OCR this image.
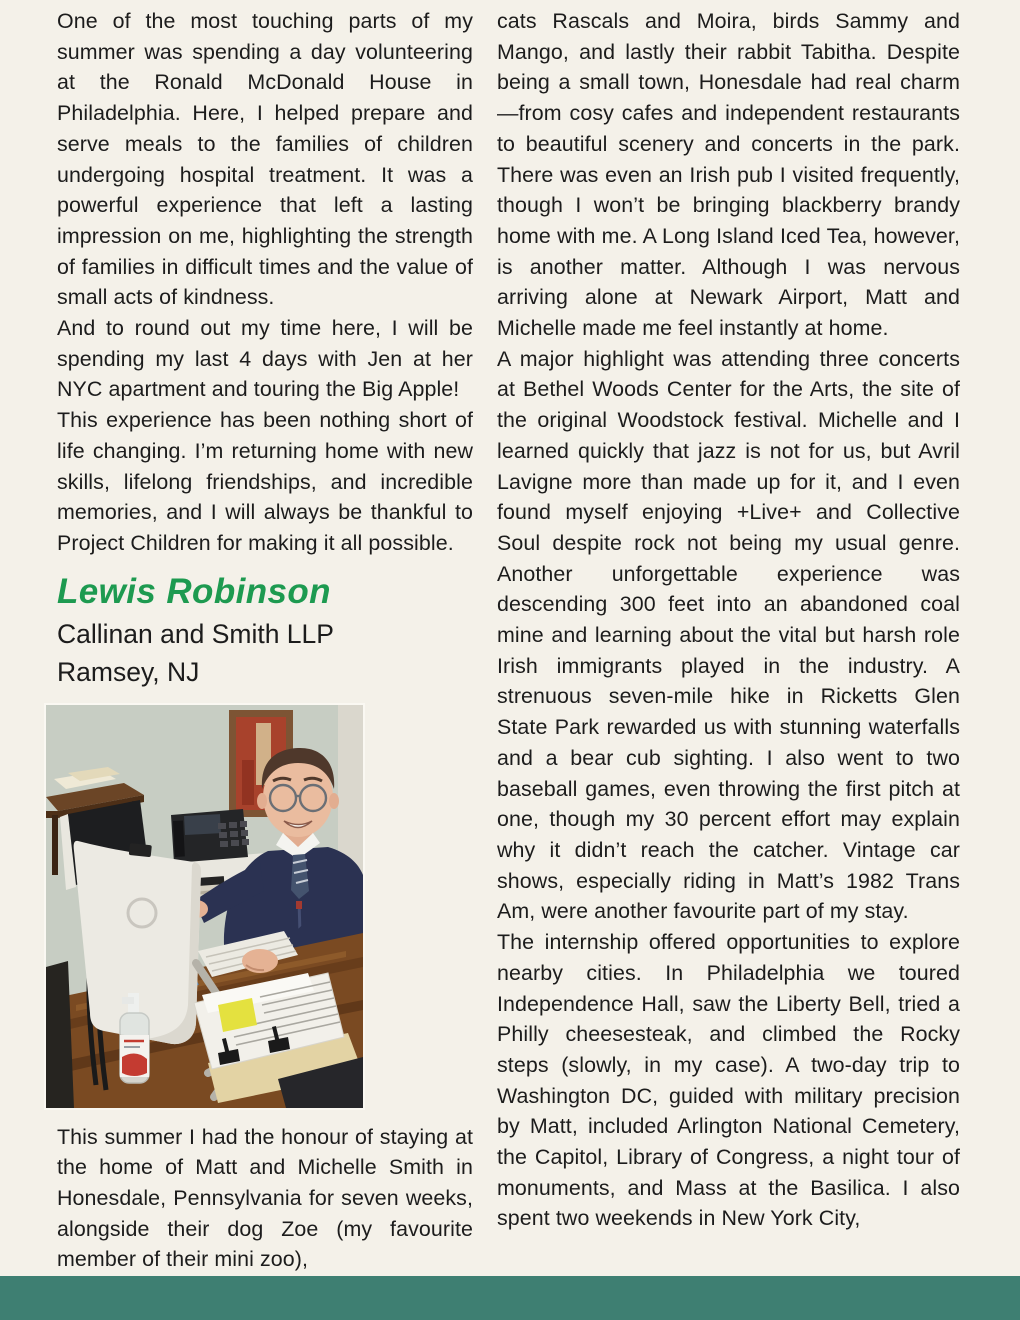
One of the most touching parts of my summer was spending a day volunteering at the Ronald McDonald House in Philadelphia. Here, I helped prepare and serve meals to the families of children undergoing hospital treatment. It was a powerful experience that left a lasting impression on me, highlighting the strength of families in difficult times and the value of small acts of kindness.

And to round out my time here, I will be spending my last 4 days with Jen at her NYC apartment and touring the Big Apple!

This experience has been nothing short of life changing. I’m returning home with new skills, lifelong friendships, and incredible memories, and I will always be thankful to Project Children for making it all possible.

Lewis Robinson
Callinan and Smith LLP
Ramsey, NJ

This summer I had the honour of staying at the home of Matt and Michelle Smith in Honesdale, Pennsylvania for seven weeks, alongside their dog Zoe (my favourite member of their mini zoo),

cats Rascals and Moira, birds Sammy and Mango, and lastly their rabbit Tabitha. Despite being a small town, Honesdale had real charm —from cosy cafes and independent restaurants to beautiful scenery and concerts in the park. There was even an Irish pub I visited frequently, though I won’t be bringing blackberry brandy home with me. A Long Island Iced Tea, however, is another matter. Although I was nervous arriving alone at Newark Airport, Matt and Michelle made me feel instantly at home.

A major highlight was attending three concerts at Bethel Woods Center for the Arts, the site of the original Woodstock festival. Michelle and I learned quickly that jazz is not for us, but Avril Lavigne more than made up for it, and I even found myself enjoying +Live+ and Collective Soul despite rock not being my usual genre. Another unforgettable experience was descending 300 feet into an abandoned coal mine and learning about the vital but harsh role Irish immigrants played in the industry. A strenuous seven-mile hike in Ricketts Glen State Park rewarded us with stunning waterfalls and a bear cub sighting. I also went to two baseball games, even throwing the first pitch at one, though my 30 percent effort may explain why it didn’t reach the catcher. Vintage car shows, especially riding in Matt’s 1982 Trans Am, were another favourite part of my stay.

The internship offered opportunities to explore nearby cities. In Philadelphia we toured Independence Hall, saw the Liberty Bell, tried a Philly cheesesteak, and climbed the Rocky steps (slowly, in my case). A two-day trip to Washington DC, guided with military precision by Matt, included Arlington National Cemetery, the Capitol, Library of Congress, a night tour of monuments, and Mass at the Basilica. I also spent two weekends in New York City,
